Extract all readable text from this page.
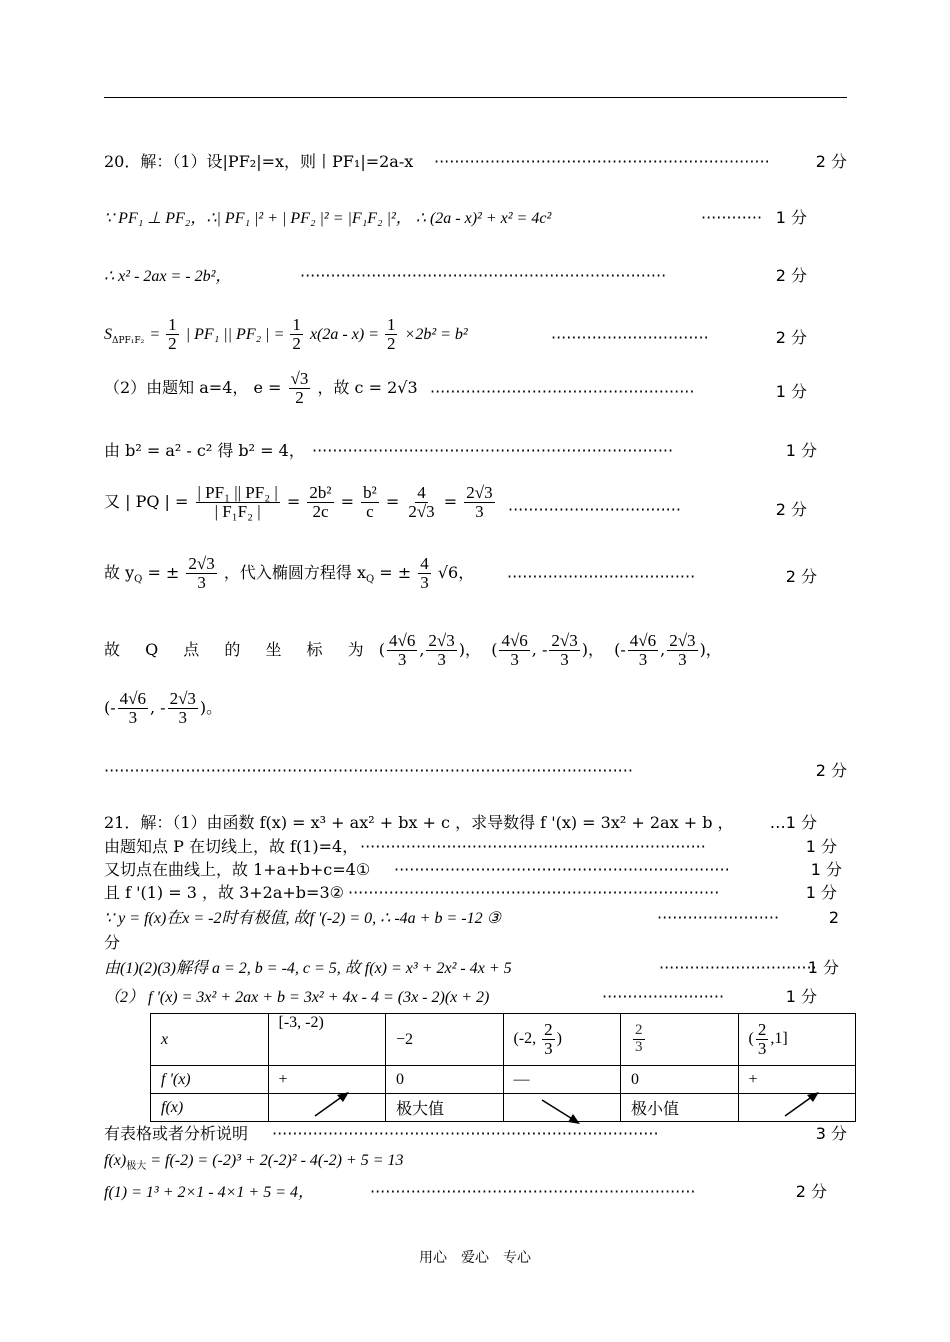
20．解：（1）设|PF₂|=x，则丨PF₁|=2a-x ··································································	2 分
∵ PF₁ ⊥ PF₂，∴| PF₁ |² + | PF₂ |² = |F₁F₂ |²， ∴ (2a - x)² + x² = 4c²	············ 1 分
∴ x² - 2ax = - 2b²，	········································································	2 分
$S_{\Delta PF_1F_2} = \frac{1}{2}$ | PF₁ || PF₂ | = $\frac{1}{2} x(2a - x) = \frac{1}{2} \times 2b^2 = b^2$	·······························	2 分
（2）由题知 a=4， $e = \frac{√3}{2}$ ，故 c = 2√3 ····················································	1 分
由 b² = a² - c² 得 b² = 4， ·······································································	1 分
又 | PQ | = $\frac{\text{| PF₁ || PF₂ |}}{\text{| F₁F₂ |}} = \frac{\text{2b²}}{2c} = \frac{\text{b²}}{c} = \frac{4}{2√3} = \frac{2√3}{3}$ ··································	2 分
故 $y_Q$ = ± $\frac{2√3}{3}$ ，代入椭圆方程得 $x_Q$ = ± $\frac{4}{3} √6$， ·····································	2 分
故 Q 点 的 坐 标 为 ( $\frac{4√6}{3}$ , $\frac{2√3}{3}$ )， ( $\frac{4√6}{3}$ , - $\frac{2√3}{3}$ )， (- $\frac{4√6}{3}$ , $\frac{2√3}{3}$ )，
(- $\frac{4√6}{3}$ , - $\frac{2√3}{3}$ )。
········································································································	2 分
21．解：（1）由函数 f(x) = x³ + ax² + bx + c ，求导数得 f '(x) = 3x² + 2ax + b ， …1 分
由题知点 P 在切线上，故 f(1)=4， ····································································	1 分
又切点在曲线上，故 1+a+b+c=4① ··································································	1 分
且 f '(1) = 3 ，故 3+2a+b=3② ·········································································	1 分
∵ y = f(x)在x = -2时有极值, 故f '(-2) = 0, ∴ -4a + b = -12 ③	························	2
分
由(1)(2)(3)解得 a = 2, b = -4, c = 5, 故 f(x) = x³ + 2x² - 4x + 5	·······························
1 分
（2） f '(x) = 3x² + 2ax + b = 3x² + 4x - 4 = (3x - 2)(x + 2)	························	1 分
x	[-3, -2)	−2	(-2, $\frac{2}{3}$ )	$\frac{2}{3}$	( $\frac{2}{3} ,1$]
f '(x)	+	0	—	0	+
f(x)		极大值		极小值	
有表格或者分析说明 ············································································	3 分
$f(x)_{极大} = f(-2) = (-2)^3 + 2(-2)^2 - 4(-2) + 5 = 13$
f(1) = 1³ + 2×1 - 4×1 + 5 = 4，	································································	2 分
用心　爱心　专心
